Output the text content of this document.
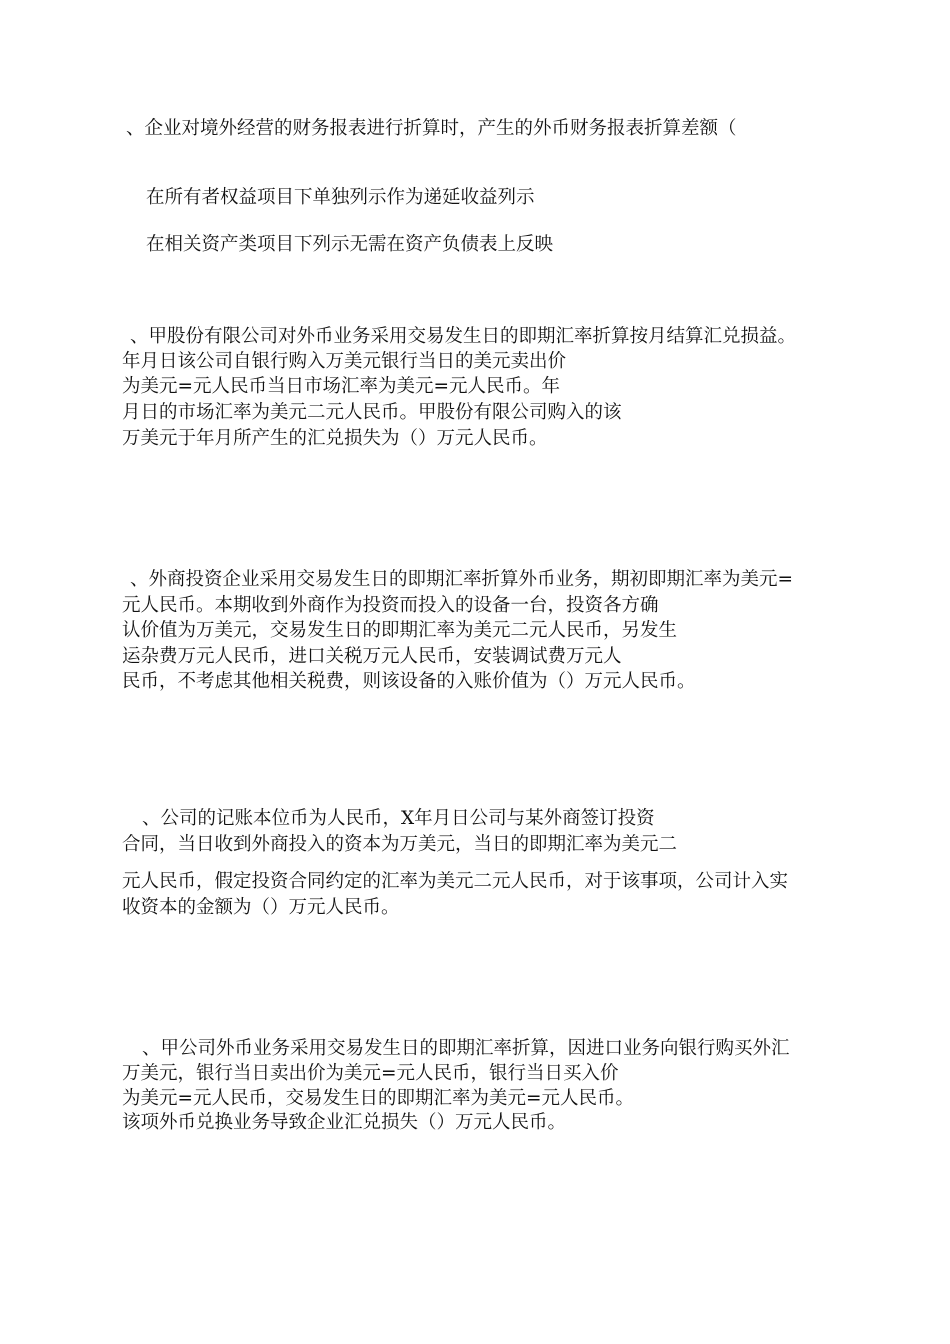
、企业对境外经营的财务报表进行折算时，产生的外币财务报表折算差额（
在所有者权益项目下单独列示作为递延收益列示
在相关资产类项目下列示无需在资产负债表上反映
、甲股份有限公司对外币业务采用交易发生日的即期汇率折算按月结算汇兑损益。
年月日该公司自银行购入万美元银行当日的美元卖出价
为美元=元人民币当日市场汇率为美元=元人民币。年
月日的市场汇率为美元二元人民币。甲股份有限公司购入的该
万美元于年月所产生的汇兑损失为（）万元人民币。
、外商投资企业采用交易发生日的即期汇率折算外币业务，期初即期汇率为美元=
元人民币。本期收到外商作为投资而投入的设备一台，投资各方确
认价值为万美元，交易发生日的即期汇率为美元二元人民币，另发生
运杂费万元人民币，进口关税万元人民币，安装调试费万元人
民币，不考虑其他相关税费，则该设备的入账价值为（）万元人民币。
、公司的记账本位币为人民币，X年月日公司与某外商签订投资
合同，当日收到外商投入的资本为万美元，当日的即期汇率为美元二
元人民币，假定投资合同约定的汇率为美元二元人民币，对于该事项，公司计入实
收资本的金额为（）万元人民币。
、甲公司外币业务采用交易发生日的即期汇率折算，因进口业务向银行购买外汇
万美元，银行当日卖出价为美元=元人民币，银行当日买入价
为美元=元人民币，交易发生日的即期汇率为美元=元人民币。
该项外币兑换业务导致企业汇兑损失（）万元人民币。
